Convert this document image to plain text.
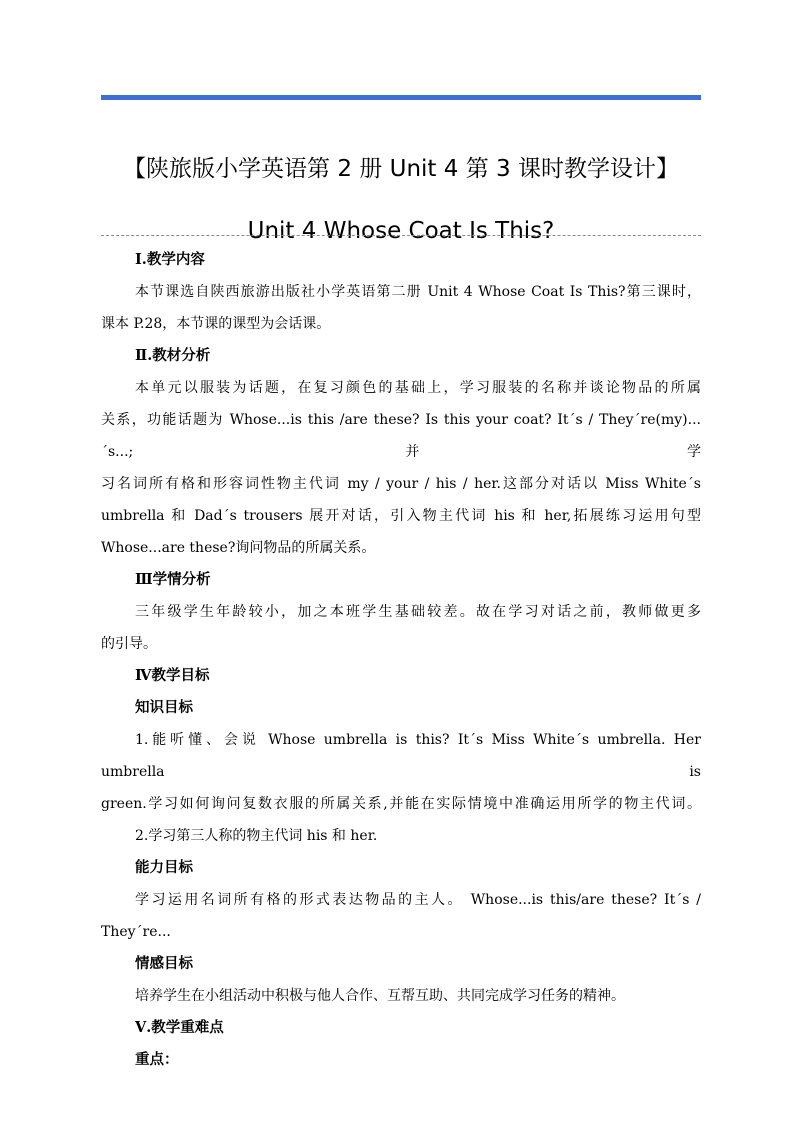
【陕旅版小学英语第 2 册 Unit 4 第 3 课时教学设计】Unit 4 Whose Coat Is This?

Ⅰ.教学内容

本节课选自陕西旅游出版社小学英语第二册 Unit 4 Whose Coat Is This?第三课时，

课本 P.28，本节课的课型为会话课。

Ⅱ.教材分析

本单元以服装为话题，在复习颜色的基础上，学习服装的名称并谈论物品的所属

关系，功能话题为 Whose...is this /are these? Is this your coat? It´s / They´re(my)...´s...; 并学

习名词所有格和形容词性物主代词 my / your / his / her.这部分对话以 Miss White´s

umbrella 和 Dad´s trousers 展开对话，引入物主代词 his 和 her,拓展练习运用句型

Whose...are these?询问物品的所属关系。

Ⅲ学情分析

三年级学生年龄较小，加之本班学生基础较差。故在学习对话之前，教师做更多

的引导。

Ⅳ教学目标

知识目标

1.能听懂、会说 Whose umbrella is this? It´s Miss White´s umbrella. Her umbrella is

green.学习如何询问复数衣服的所属关系,并能在实际情境中准确运用所学的物主代词。

2.学习第三人称的物主代词 his 和 her.

能力目标

学习运用名词所有格的形式表达物品的主人。 Whose...is this/are these? It´s /

They´re...

情感目标

培养学生在小组活动中积极与他人合作、互帮互助、共同完成学习任务的精神。

Ⅴ.教学重难点

重点：
